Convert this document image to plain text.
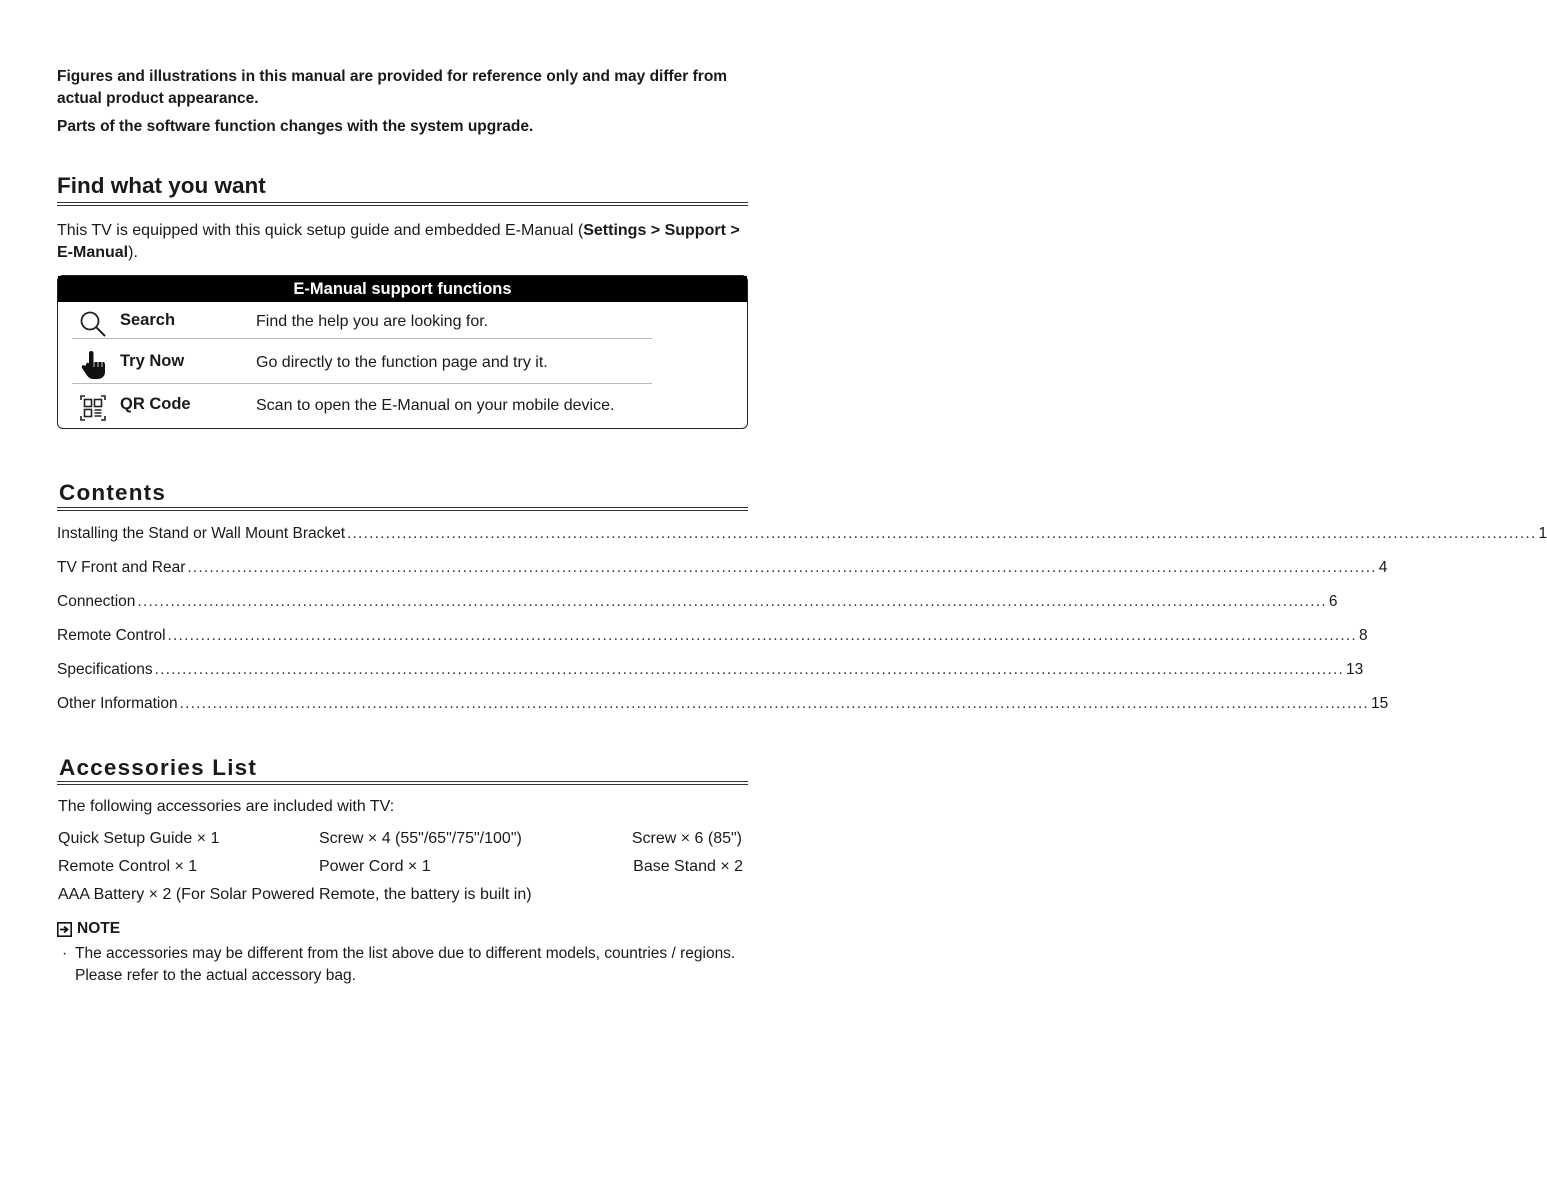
Figures and illustrations in this manual are provided for reference only and may differ from actual product appearance.
Parts of the software function changes with the system upgrade.
Find what you want
This TV is equipped with this quick setup guide and embedded E-Manual (Settings > Support > E-Manual).
E-Manual support functions
Search	Find the help you are looking for.
Try Now	Go directly to the function page and try it.
QR Code	Scan to open the E-Manual on your mobile device.
Contents
Installing the Stand or Wall Mount Bracket ........................................................................................................................................................................................................................ 1
TV Front and Rear ........................................................................................................................................................................................................................ 4
Connection ........................................................................................................................................................................................................................ 6
Remote Control ........................................................................................................................................................................................................................ 8
Specifications ........................................................................................................................................................................................................................ 13
Other Information ........................................................................................................................................................................................................................ 15
Accessories List
The following accessories are included with TV:
Quick Setup Guide × 1	Screw × 4 (55"/65"/75"/100")	Screw × 6 (85")
Remote Control × 1	Power Cord × 1	Base Stand × 2
AAA Battery × 2 (For Solar Powered Remote, the battery is built in)
NOTE
· The accessories may be different from the list above due to different models, countries / regions. Please refer to the actual accessory bag.
